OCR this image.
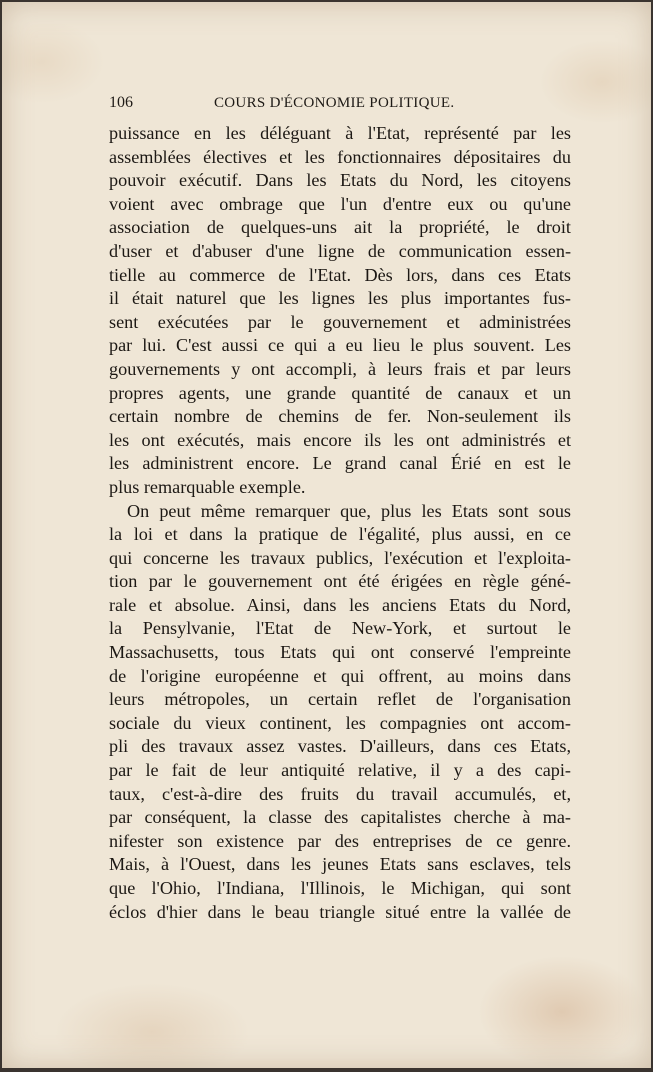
106	COURS D'ÉCONOMIE POLITIQUE.
puissance en les déléguant à l'Etat, représenté par les
assemblées électives et les fonctionnaires dépositaires du
pouvoir exécutif. Dans les Etats du Nord, les citoyens
voient avec ombrage que l'un d'entre eux ou qu'une
association de quelques-uns ait la propriété, le droit
d'user et d'abuser d'une ligne de communication essen-
tielle au commerce de l'Etat. Dès lors, dans ces Etats
il était naturel que les lignes les plus importantes fus-
sent exécutées par le gouvernement et administrées
par lui. C'est aussi ce qui a eu lieu le plus souvent. Les
gouvernements y ont accompli, à leurs frais et par leurs
propres agents, une grande quantité de canaux et un
certain nombre de chemins de fer. Non-seulement ils
les ont exécutés, mais encore ils les ont administrés et
les administrent encore. Le grand canal Érié en est le
plus remarquable exemple.
On peut même remarquer que, plus les Etats sont sous
la loi et dans la pratique de l'égalité, plus aussi, en ce
qui concerne les travaux publics, l'exécution et l'exploita-
tion par le gouvernement ont été érigées en règle géné-
rale et absolue. Ainsi, dans les anciens Etats du Nord,
la Pensylvanie, l'Etat de New-York, et surtout le
Massachusetts, tous Etats qui ont conservé l'empreinte
de l'origine européenne et qui offrent, au moins dans
leurs métropoles, un certain reflet de l'organisation
sociale du vieux continent, les compagnies ont accom-
pli des travaux assez vastes. D'ailleurs, dans ces Etats,
par le fait de leur antiquité relative, il y a des capi-
taux, c'est-à-dire des fruits du travail accumulés, et,
par conséquent, la classe des capitalistes cherche à ma-
nifester son existence par des entreprises de ce genre.
Mais, à l'Ouest, dans les jeunes Etats sans esclaves, tels
que l'Ohio, l'Indiana, l'Illinois, le Michigan, qui sont
éclos d'hier dans le beau triangle situé entre la vallée de
